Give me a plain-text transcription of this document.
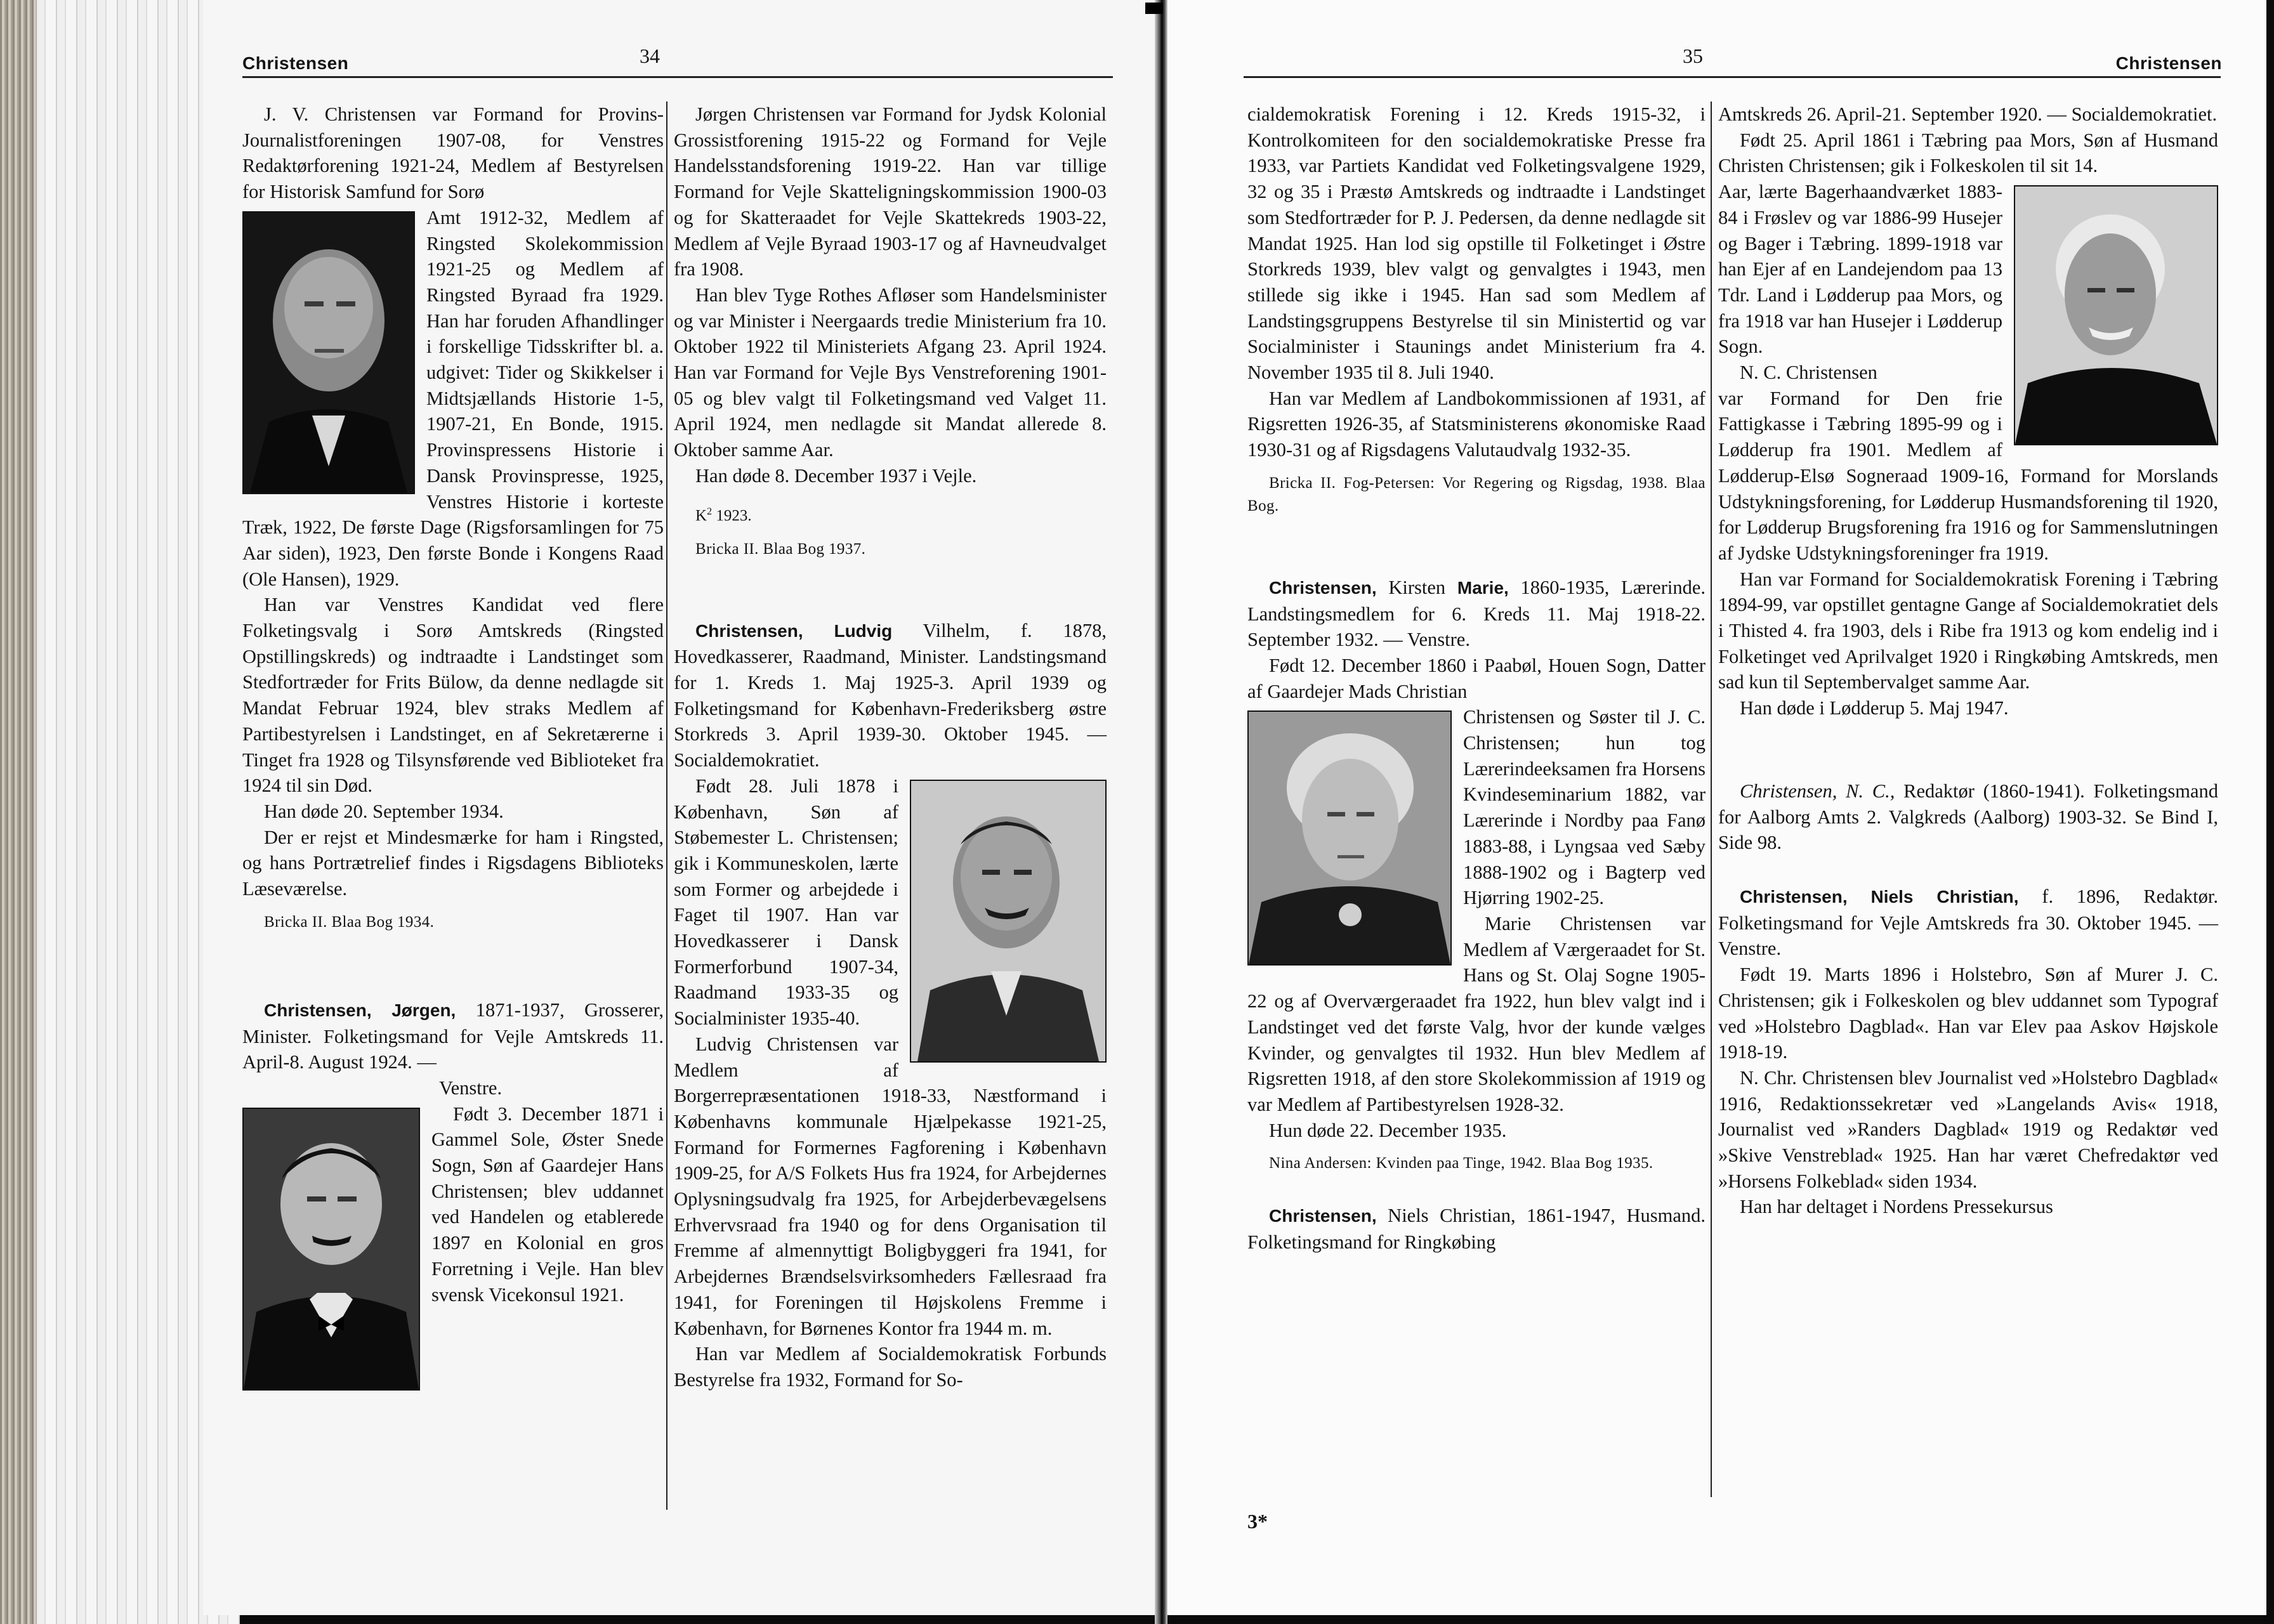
Christensen	34

J. V. Christensen var Formand for Provins-Journalistforeningen 1907-08, for Venstres Redaktørforening 1921-24, Medlem af Bestyrelsen for Historisk Samfund for Sorø

Amt 1912-32, Medlem af Ringsted Skolekommission 1921-25 og Medlem af Ringsted Byraad fra 1929. Han har foruden Afhandlinger i forskellige Tidsskrifter bl. a. udgivet: Tider og Skikkelser i Midtsjællands Historie 1-5, 1907-21, En Bonde, 1915. Provinspressens Historie i Dansk Provinspresse, 1925, Venstres Historie i korteste Træk, 1922, De første Dage (Rigsforsamlingen for 75 Aar siden), 1923, Den første Bonde i Kongens Raad (Ole Hansen), 1929.

Han var Venstres Kandidat ved flere Folketingsvalg i Sorø Amtskreds (Ringsted Opstillingskreds) og indtraadte i Landstinget som Stedfortræder for Frits Bülow, da denne nedlagde sit Mandat Februar 1924, blev straks Medlem af Partibestyrelsen i Landstinget, en af Sekretærerne i Tinget fra 1928 og Tilsynsførende ved Biblioteket fra 1924 til sin Død.

Han døde 20. September 1934.

Der er rejst et Mindesmærke for ham i Ringsted, og hans Portrætrelief findes i Rigsdagens Biblioteks Læseværelse.

Bricka II. Blaa Bog 1934.

Christensen, Jørgen, 1871-1937, Grosserer, Minister. Folketingsmand for Vejle Amtskreds 11. April-8. August 1924. —

Venstre.

Født 3. December 1871 i Gammel Sole, Øster Snede Sogn, Søn af Gaardejer Hans Christensen; blev uddannet ved Handelen og etablerede 1897 en Kolonial en gros Forretning i Vejle. Han blev svensk Vicekonsul 1921.

Jørgen Christensen var Formand for Jydsk Kolonial Grossistforening 1915-22 og Formand for Vejle Handelsstandsforening 1919-22. Han var tillige Formand for Vejle Skatteligningskommission 1900-03 og for Skatteraadet for Vejle Skattekreds 1903-22, Medlem af Vejle Byraad 1903-17 og af Havneudvalget fra 1908.

Han blev Tyge Rothes Afløser som Handelsminister og var Minister i Neergaards tredie Ministerium fra 10. Oktober 1922 til Ministeriets Afgang 23. April 1924. Han var Formand for Vejle Bys Venstreforening 1901-05 og blev valgt til Folketingsmand ved Valget 11. April 1924, men nedlagde sit Mandat allerede 8. Oktober samme Aar.

Han døde 8. December 1937 i Vejle.

$K^2$ 1923.

Bricka II. Blaa Bog 1937.

Christensen, Ludvig Vilhelm, f. 1878, Hovedkasserer, Raadmand, Minister. Landstingsmand for 1. Kreds 1. Maj 1925-3. April 1939 og Folketingsmand for København-Frederiksberg østre Storkreds 3. April 1939-30. Oktober 1945. — Socialdemokratiet.

Født 28. Juli 1878 i København, Søn af Støbemester L. Christensen; gik i Kommuneskolen, lærte som Former og arbejdede i Faget til 1907. Han var Hovedkasserer i Dansk Formerforbund 1907-34, Raadmand 1933-35 og Socialminister 1935-40.

Ludvig Christensen var Medlem af Borgerrepræsentationen 1918-33, Næstformand i Københavns kommunale Hjælpekasse 1921-25, Formand for Formernes Fagforening i København 1909-25, for A/S Folkets Hus fra 1924, for Arbejdernes Oplysningsudvalg fra 1925, for Arbejderbevægelsens Erhvervsraad fra 1940 og for dens Organisation til Fremme af almennyttigt Boligbyggeri fra 1941, for Arbejdernes Brændselsvirksomheders Fællesraad fra 1941, for Foreningen til Højskolens Fremme i København, for Børnenes Kontor fra 1944 m. m.

Han var Medlem af Socialdemokratisk Forbunds Bestyrelse fra 1932, Formand for So-

35	Christensen

cialdemokratisk Forening i 12. Kreds 1915-32, i Kontrolkomiteen for den socialdemokratiske Presse fra 1933, var Partiets Kandidat ved Folketingsvalgene 1929, 32 og 35 i Præstø Amtskreds og indtraadte i Landstinget som Stedfortræder for P. J. Pedersen, da denne nedlagde sit Mandat 1925. Han lod sig opstille til Folketinget i Østre Storkreds 1939, blev valgt og genvalgtes i 1943, men stillede sig ikke i 1945. Han sad som Medlem af Landstingsgruppens Bestyrelse til sin Ministertid og var Socialminister i Staunings andet Ministerium fra 4. November 1935 til 8. Juli 1940.

Han var Medlem af Landbokommissionen af 1931, af Rigsretten 1926-35, af Statsministerens økonomiske Raad 1930-31 og af Rigsdagens Valutaudvalg 1932-35.

Bricka II. Fog-Petersen: Vor Regering og Rigsdag, 1938. Blaa Bog.

Christensen, Kirsten Marie, 1860-1935, Lærerinde. Landstingsmedlem for 6. Kreds 11. Maj 1918-22. September 1932. — Venstre.

Født 12. December 1860 i Paabøl, Houen Sogn, Datter af Gaardejer Mads Christian

Christensen og Søster til J. C. Christensen; hun tog Lærerindeeksamen fra Horsens Kvindeseminarium 1882, var Lærerinde i Nordby paa Fanø 1883-88, i Lyngsaa ved Sæby 1888-1902 og i Bagterp ved Hjørring 1902-25.

Marie Christensen var Medlem af Værgeraadet for St. Hans og St. Olaj Sogne 1905-22 og af Overværgeraadet fra 1922, hun blev valgt ind i Landstinget ved det første Valg, hvor der kunde vælges Kvinder, og genvalgtes til 1932. Hun blev Medlem af Rigsretten 1918, af den store Skolekommission af 1919 og var Medlem af Partibestyrelsen 1928-32.

Hun døde 22. December 1935.

Nina Andersen: Kvinden paa Tinge, 1942. Blaa Bog 1935.

Christensen, Niels Christian, 1861-1947, Husmand. Folketingsmand for Ringkøbing

Amtskreds 26. April-21. September 1920. — Socialdemokratiet.

Født 25. April 1861 i Tæbring paa Mors, Søn af Husmand Christen Christensen; gik i Folkeskolen til sit 14.

Aar, lærte Bagerhaandværket 1883-84 i Frøslev og var 1886-99 Husejer og Bager i Tæbring. 1899-1918 var han Ejer af en Landejendom paa 13 Tdr. Land i Lødderup paa Mors, og fra 1918 var han Husejer i Lødderup Sogn.

N. C. Christensen

var Formand for Den frie Fattigkasse i Tæbring 1895-99 og i Lødderup fra 1901. Medlem af Lødderup-Elsø Sogneraad 1909-16, Formand for Morslands Udstykningsforening, for Lødderup Husmandsforening til 1920, for Lødderup Brugsforening fra 1916 og for Sammenslutningen af Jydske Udstykningsforeninger fra 1919.

Han var Formand for Socialdemokratisk Forening i Tæbring 1894-99, var opstillet gentagne Gange af Socialdemokratiet dels i Thisted 4. fra 1903, dels i Ribe fra 1913 og kom endelig ind i Folketinget ved Aprilvalget 1920 i Ringkøbing Amtskreds, men sad kun til Septembervalget samme Aar.

Han døde i Lødderup 5. Maj 1947.

Christensen, N. C., Redaktør (1860-1941). Folketingsmand for Aalborg Amts 2. Valgkreds (Aalborg) 1903-32. Se Bind I, Side 98.

Christensen, Niels Christian, f. 1896, Redaktør. Folketingsmand for Vejle Amtskreds fra 30. Oktober 1945. — Venstre.

Født 19. Marts 1896 i Holstebro, Søn af Murer J. C. Christensen; gik i Folkeskolen og blev uddannet som Typograf ved »Holstebro Dagblad«. Han var Elev paa Askov Højskole 1918-19.

N. Chr. Christensen blev Journalist ved »Holstebro Dagblad« 1916, Redaktionssekretær ved »Langelands Avis« 1918, Journalist ved »Randers Dagblad« 1919 og Redaktør ved »Skive Venstreblad« 1925. Han har været Chefredaktør ved »Horsens Folkeblad« siden 1934.

Han har deltaget i Nordens Pressekursus

3*
